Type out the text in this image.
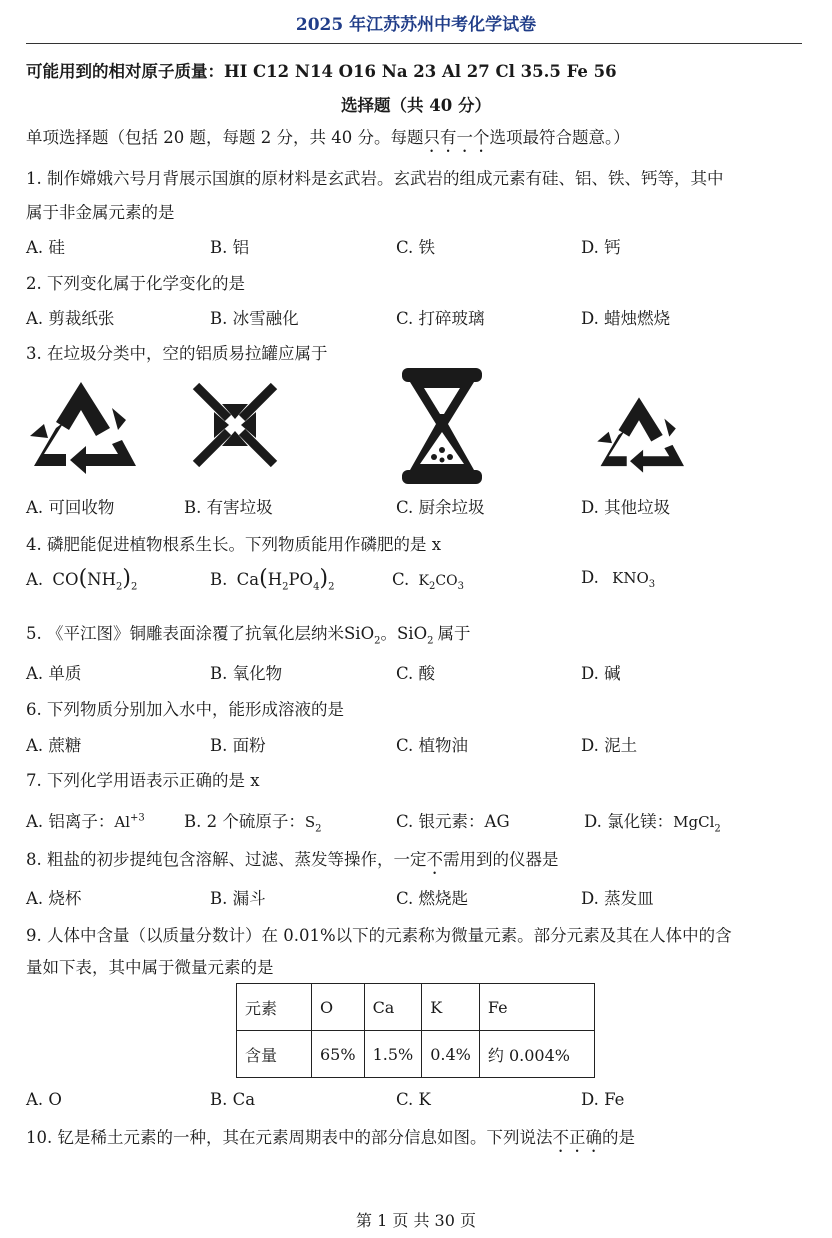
2025 年江苏苏州中考化学试卷
可能用到的相对原子质量：HI C12 N14 O16 Na 23 Al 27 Cl 35.5 Fe 56
选择题（共 40 分）
单项选择题（包括 20 题，每题 2 分，共 40 分。每题只有一个选项最符合题意。）
1. 制作嫦娥六号月背展示国旗的原材料是玄武岩。玄武岩的组成元素有硅、铝、铁、钙等，其中
属于非金属元素的是
A. 硅	B. 铝	C. 铁	D. 钙
2. 下列变化属于化学变化的是
A. 剪裁纸张	B. 冰雪融化	C. 打碎玻璃	D. 蜡烛燃烧
3. 在垃圾分类中，空的铝质易拉罐应属于
A. 可回收物	B. 有害垃圾	C. 厨余垃圾	D. 其他垃圾
4. 磷肥能促进植物根系生长。下列物质能用作磷肥的是 x
A. $CO(NH_2)_2$	B. $Ca(H_2PO_4)_2$	C. $K_2CO_3$	D. $KNO_3$
5. 《平江图》铜雕表面涂覆了抗氧化层纳米SiO$_2$。SiO$_2$ 属于
A. 单质	B. 氧化物	C. 酸	D. 碱
6. 下列物质分别加入水中，能形成溶液的是
A. 蔗糖	B. 面粉	C. 植物油	D. 泥土
7. 下列化学用语表示正确的是 x
A. 铝离子：$Al^{+3}$ B. 2 个硫原子：$S_2$	C. 银元素：AG	D. 氯化镁：MgCl$_2$
8. 粗盐的初步提纯包含溶解、过滤、蒸发等操作，一定不需用到的仪器是
A. 烧杯	B. 漏斗	C. 燃烧匙	D. 蒸发皿
9. 人体中含量（以质量分数计）在 0.01%以下的元素称为微量元素。部分元素及其在人体中的含
量如下表，其中属于微量元素的是
元素	O	Ca	K	Fe
含量	65%	1.5%	0.4%	约 0.004%
A. O	B. Ca	C. K	D. Fe
10. 钇是稀土元素的一种，其在元素周期表中的部分信息如图。下列说法不正确的是
第 1 页 共 30 页
